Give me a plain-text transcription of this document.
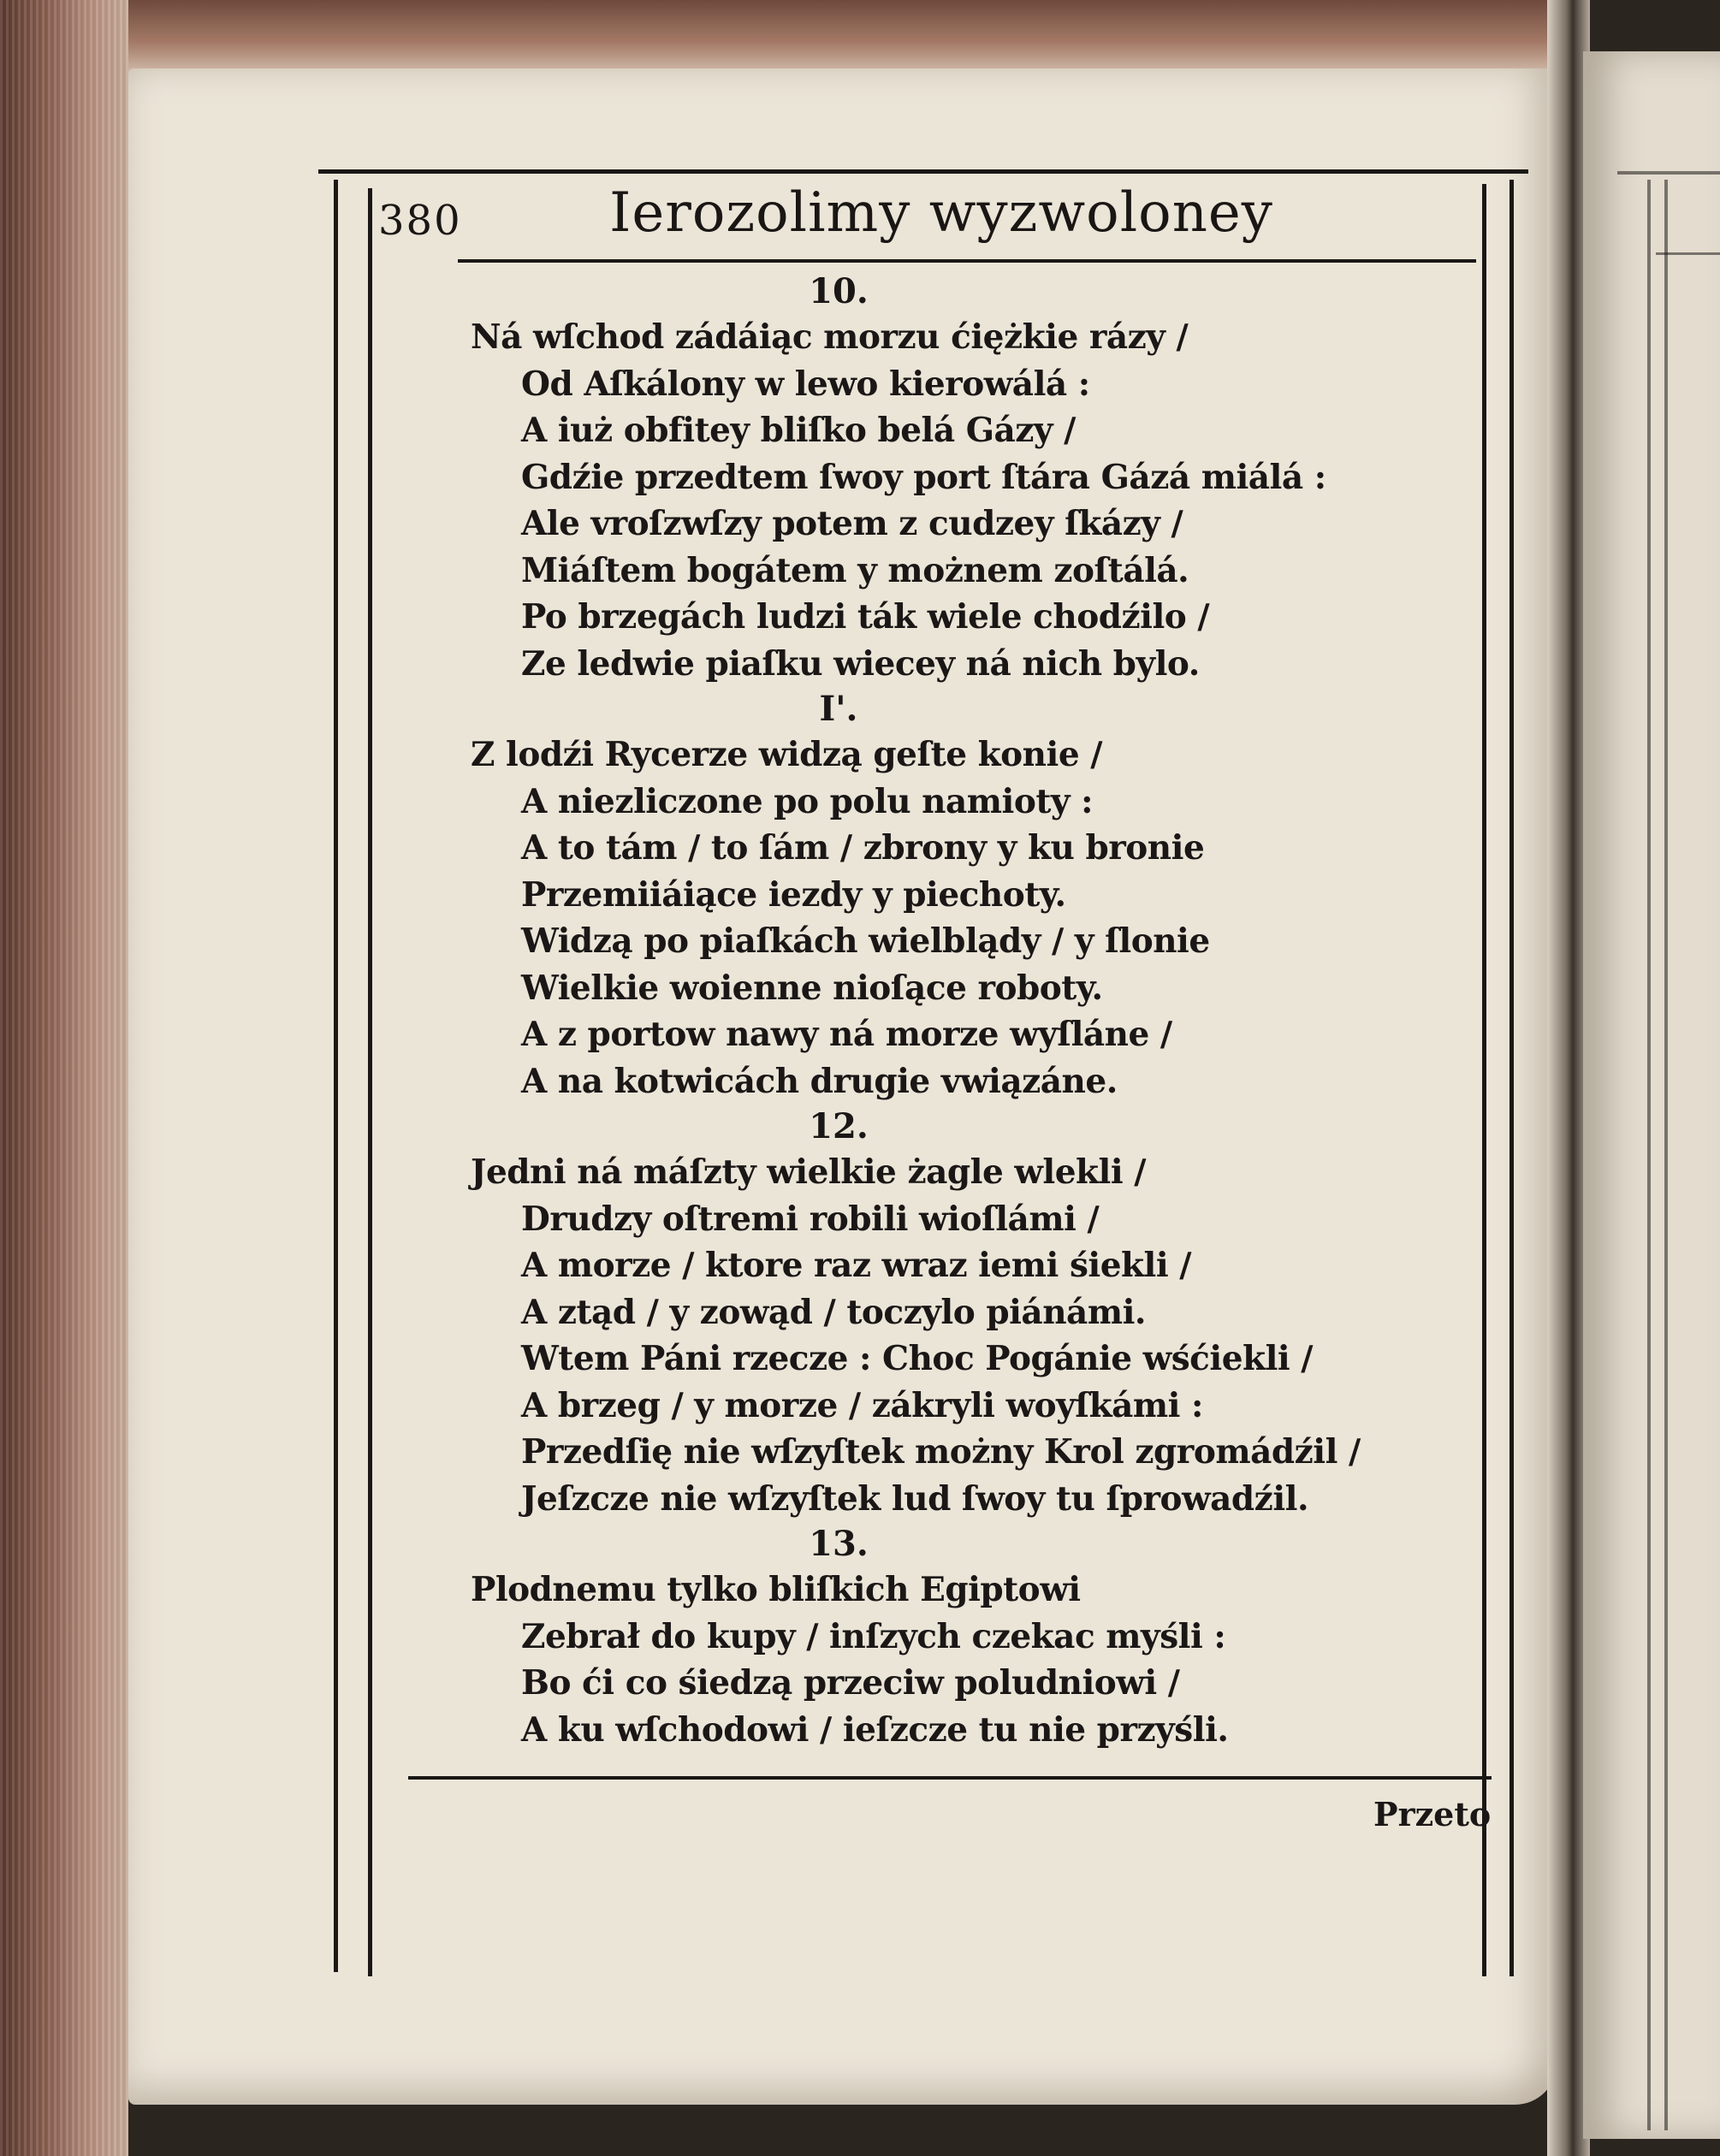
380	Ierozolimy wyzwoloney
10.
Ná wſchod zádáiąc morzu ćiężkie rázy /
Od Aſkálony w lewo kierowálá :
A iuż obfitey bliſko belá Gázy /
Gdźie przedtem ſwoy port ſtára Gázá miálá :
Ale vroſzwſzy potem z cudzey ſkázy /
Miáſtem bogátem y możnem zoſtálá.
Po brzegách ludzi ták wiele chodźilo /
Ze ledwie piaſku wiecey ná nich bylo.
I'.
Z lodźi Rycerze widzą geſte konie /
A niezliczone po polu namioty :
A to tám / to ſám / zbrony y ku bronie
Przemiiáiące iezdy y piechoty.
Widzą po piaſkách wielblądy / y ſlonie
Wielkie woienne nioſące roboty.
A z portow nawy ná morze wyſláne /
A na kotwicách drugie vwiązáne.
12.
Jedni ná máſzty wielkie żagle wlekli /
Drudzy oſtremi robili wioſlámi /
A morze / ktore raz wraz iemi śiekli /
A ztąd / y zowąd / toczylo piánámi.
Wtem Páni rzecze : Choc Pogánie wśćiekli /
A brzeg / y morze / zákryli woyſkámi :
Przedſię nie wſzyſtek możny Krol zgromádźil /
Jeſzcze nie wſzyſtek lud ſwoy tu ſprowadźil.
13.
Plodnemu tylko bliſkich Egiptowi
Zebrał do kupy / inſzych czekac myśli :
Bo ći co śiedzą przeciw poludniowi /
A ku wſchodowi / ieſzcze tu nie przyśli.
Przeto
